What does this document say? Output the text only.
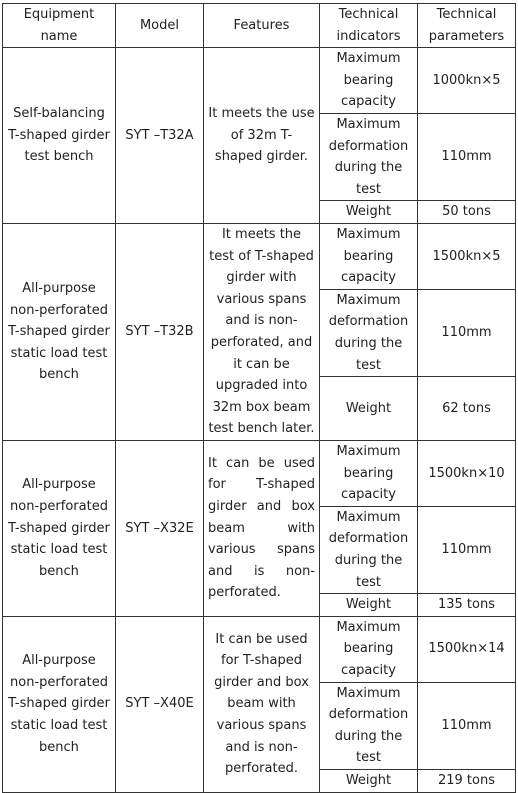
Equipment name	Model	Features	Technical indicators	Technical parameters
Self-balancing T-shaped girder test bench	SYT –T32A	It meets the use of 32m T-shaped girder.	Maximum bearing capacity	1000kn×5
			Maximum deformation during the test	110mm
			Weight	50 tons
All-purpose non-perforated T-shaped girder static load test bench	SYT –T32B	It meets the test of T-shaped girder with various spans and is non-perforated, and it can be upgraded into 32m box beam test bench later.	Maximum bearing capacity	1500kn×5
			Maximum deformation during the test	110mm
			Weight	62 tons
All-purpose non-perforated T-shaped girder static load test bench	SYT –X32E	It can be used for T-shaped girder and box beam with various spans and is non-perforated.	Maximum bearing capacity	1500kn×10
			Maximum deformation during the test	110mm
			Weight	135 tons
All-purpose non-perforated T-shaped girder static load test bench	SYT –X40E	It can be used for T-shaped girder and box beam with various spans and is non-perforated.	Maximum bearing capacity	1500kn×14
			Maximum deformation during the test	110mm
			Weight	219 tons
